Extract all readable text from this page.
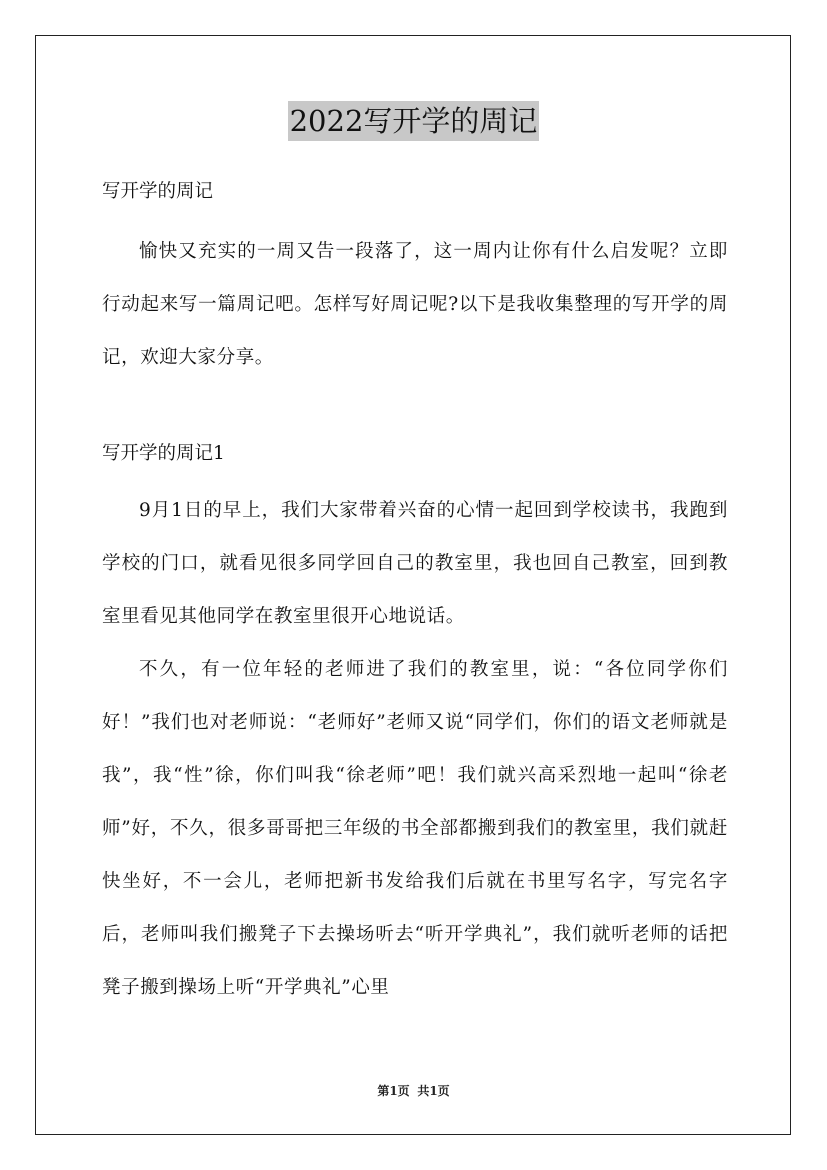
2022写开学的周记

写开学的周记

愉快又充实的一周又告一段落了，这一周内让你有什么启发呢？立即行动起来写一篇周记吧。怎样写好周记呢?以下是我收集整理的写开学的周记，欢迎大家分享。

写开学的周记1

9月1日的早上，我们大家带着兴奋的心情一起回到学校读书，我跑到学校的门口，就看见很多同学回自己的教室里，我也回自己教室，回到教室里看见其他同学在教室里很开心地说话。

不久，有一位年轻的老师进了我们的教室里，说：“各位同学你们好！”我们也对老师说：“老师好”老师又说“同学们，你们的语文老师就是我”，我“性”徐，你们叫我“徐老师”吧！我们就兴高采烈地一起叫“徐老师”好，不久，很多哥哥把三年级的书全部都搬到我们的教室里，我们就赶快坐好，不一会儿，老师把新书发给我们后就在书里写名字，写完名字后，老师叫我们搬凳子下去操场听去“听开学典礼”，我们就听老师的话把凳子搬到操场上听“开学典礼”心里

第1页 共1页
